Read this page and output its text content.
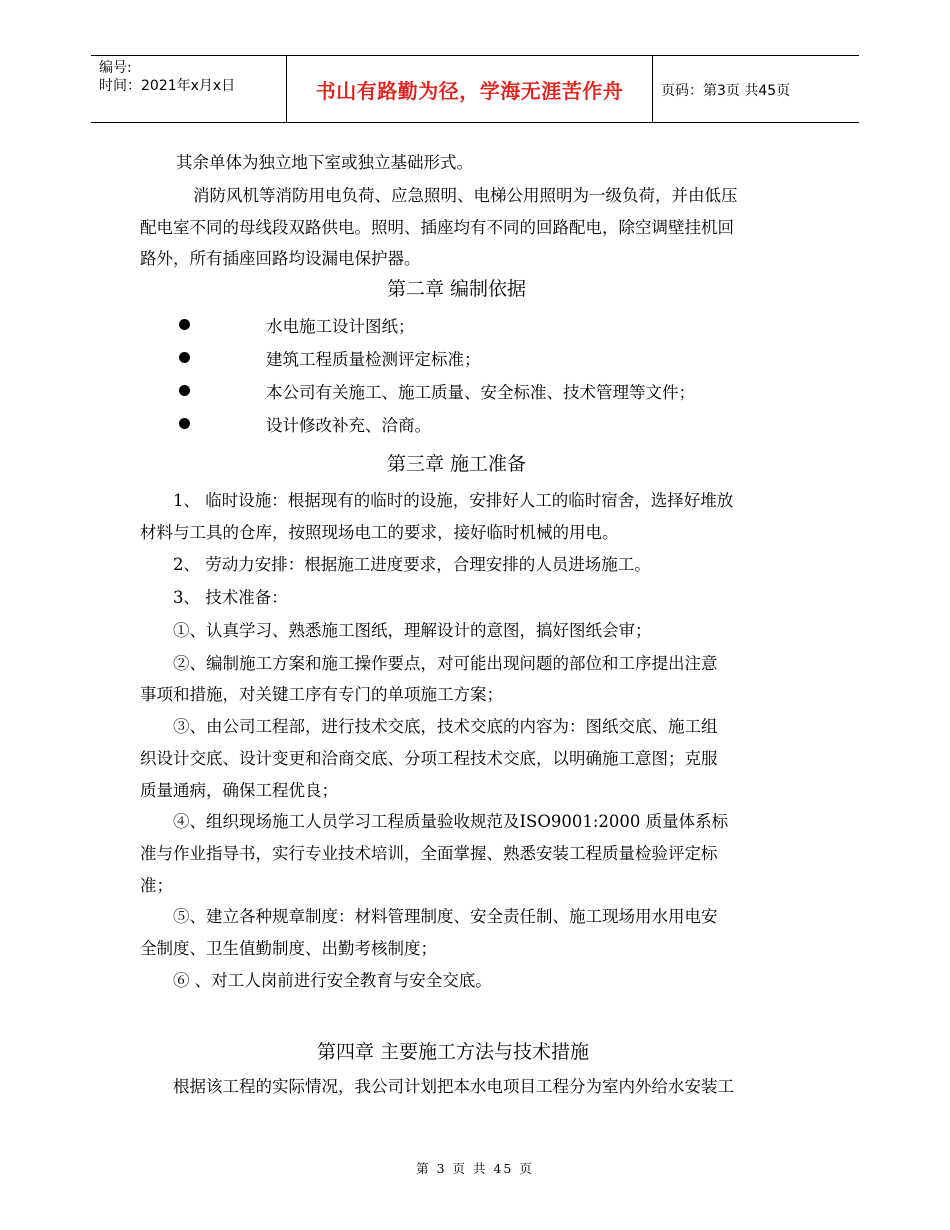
编号:
时间：2021年x月x日	书山有路勤为径，学海无涯苦作舟	页码：第3页 共45页
其余单体为独立地下室或独立基础形式。
消防风机等消防用电负荷、应急照明、电梯公用照明为一级负荷，并由低压
配电室不同的母线段双路供电。照明、插座均有不同的回路配电，除空调壁挂机回
路外，所有插座回路均设漏电保护器。
第二章 编制依据
水电施工设计图纸；
建筑工程质量检测评定标准；
本公司有关施工、施工质量、安全标准、技术管理等文件；
设计修改补充、洽商。
第三章 施工准备
1、 临时设施：根据现有的临时的设施，安排好人工的临时宿舍，选择好堆放
材料与工具的仓库，按照现场电工的要求，接好临时机械的用电。
2、 劳动力安排：根据施工进度要求，合理安排的人员进场施工。
3、 技术准备：
①、认真学习、熟悉施工图纸，理解设计的意图，搞好图纸会审；
②、编制施工方案和施工操作要点，对可能出现问题的部位和工序提出注意
事项和措施，对关键工序有专门的单项施工方案；
③、由公司工程部，进行技术交底，技术交底的内容为：图纸交底、施工组
织设计交底、设计变更和洽商交底、分项工程技术交底，以明确施工意图；克服
质量通病，确保工程优良；
④、组织现场施工人员学习工程质量验收规范及ISO9001:2000 质量体系标
准与作业指导书，实行专业技术培训，全面掌握、熟悉安装工程质量检验评定标
准；
⑤、建立各种规章制度：材料管理制度、安全责任制、施工现场用水用电安
全制度、卫生值勤制度、出勤考核制度；
⑥ 、对工人岗前进行安全教育与安全交底。
第四章 主要施工方法与技术措施
根据该工程的实际情况，我公司计划把本水电项目工程分为室内外给水安装工
第 3 页 共 45 页
